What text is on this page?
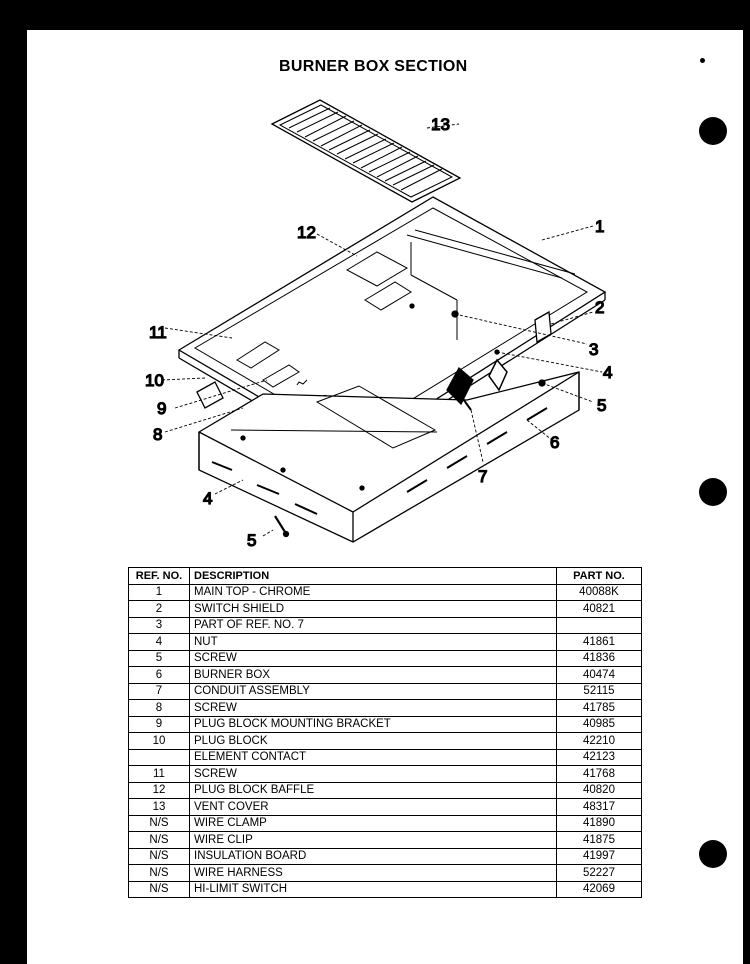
BURNER BOX SECTION
13
12	1
2
3
4
5
6
7
11
10
9
8
4
5
REF. NO.	DESCRIPTION	PART NO.
1	MAIN TOP - CHROME	40088K
2	SWITCH SHIELD	40821
3	PART OF REF. NO. 7	
4	NUT	41861
5	SCREW	41836
6	BURNER BOX	40474
7	CONDUIT ASSEMBLY	52115
8	SCREW	41785
9	PLUG BLOCK MOUNTING BRACKET	40985
10	PLUG BLOCK	42210
	ELEMENT CONTACT	42123
11	SCREW	41768
12	PLUG BLOCK BAFFLE	40820
13	VENT COVER	48317
N/S	WIRE CLAMP	41890
N/S	WIRE CLIP	41875
N/S	INSULATION BOARD	41997
N/S	WIRE HARNESS	52227
N/S	HI-LIMIT SWITCH	42069
